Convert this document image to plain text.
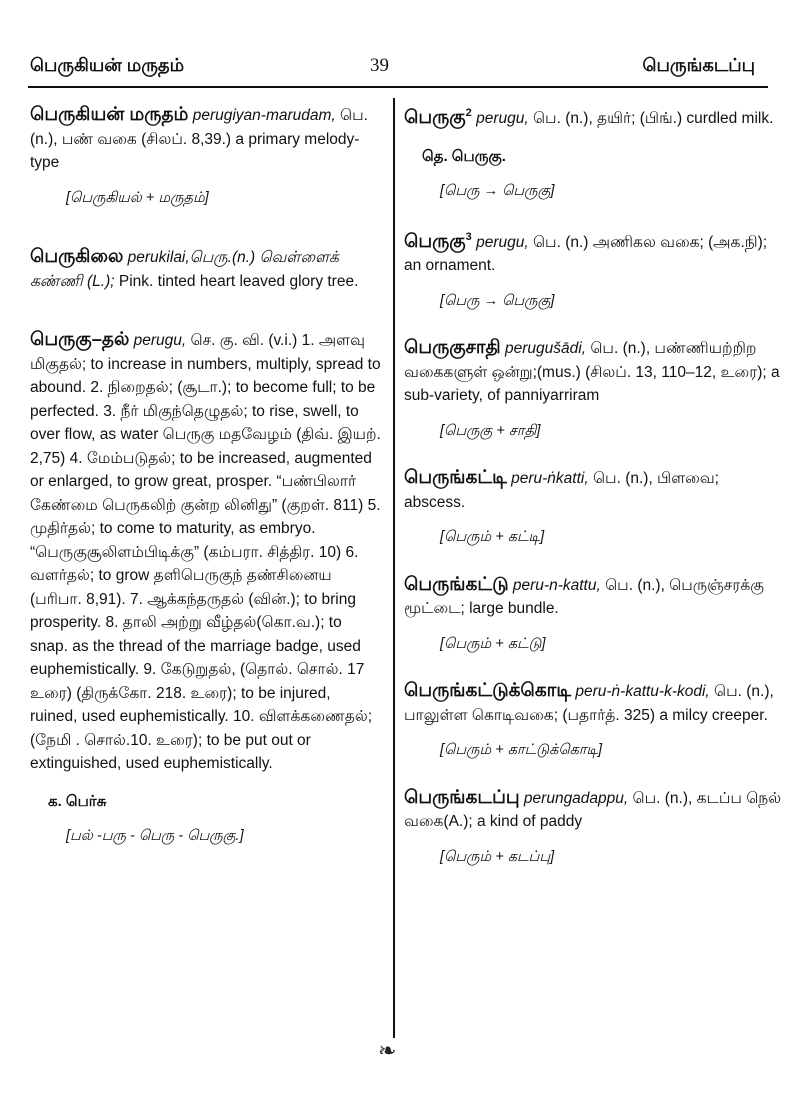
பெருகியன் மருதம்	39	பெருங்கடப்பு
பெருகியன் மருதம் perugiyan-marudam, பெ. (n.), பண் வகை (சிலப். 8,39.) a primary melody-type
[பெருகியல் + மருதம்]
பெருகிலை perukilai,பெரு.(n.) வெள்ளைக் கண்ணி (L.); Pink. tinted heart leaved glory tree.
பெருகு–தல் perugu, செ. கு. வி. (v.i.) 1. அளவு மிகுதல்; to increase in numbers, multiply, spread to abound. 2. நிறைதல்; (சூடா.); to become full; to be perfected. 3. நீர் மிகுந்தெழுதல்; to rise, swell, to over flow, as water பெருகு மதவேழம் (திவ். இயற். 2,75) 4. மேம்படுதல்; to be increased, augmented or enlarged, to grow great, prosper. “பண்பிலார் கேண்மை பெருகலிற் குன்ற லினிது” (குறள். 811) 5. முதிர்தல்; to come to maturity, as embryo. “பெருகுசூலிளம்பிடிக்கு” (கம்பரா. சித்திர. 10) 6. வளர்தல்; to grow தளிபெருகுந் தண்சினைய (பரிபா. 8,91). 7. ஆக்கந்தருதல் (வின்.); to bring prosperity. 8. தாலி அற்று வீழ்தல்(கொ.வ.); to snap. as the thread of the marriage badge, used euphemistically. 9. கேடுறுதல், (தொல். சொல். 17 உரை) (திருக்கோ. 218. உரை); to be injured, ruined, used euphemistically. 10. விளக்கணைதல்; (நேமி . சொல்.10. உரை); to be put out or extinguished, used euphemistically.
க. பெர்சு
[பல் -பரு - பெரு - பெருகு.]
பெருகு$^2$ perugu, பெ. (n.), தயிர்; (பிங்.) curdled milk.
தெ. பெருகு.
[பெரு → பெருகு]
பெருகு$^3$ perugu, பெ. (n.) அணிகல வகை; (அக.நி); an ornament.
[பெரு → பெருகு]
பெருகுசாதி perugušādi, பெ. (n.), பண்ணியற்றிற வகைகளுள் ஒன்று;(mus.) (சிலப். 13, 110–12, உரை); a sub-variety, of panniyarriram
[பெருகு + சாதி]
பெருங்கட்டி peru-ṅkatti, பெ. (n.), பிளவை; abscess.
[பெரும் + கட்டி]
பெருங்கட்டு peru-n-kattu, பெ. (n.), பெருஞ்சரக்கு மூட்டை; large bundle.
[பெரும் + கட்டு]
பெருங்கட்டுக்கொடி peru-ṅ-kattu-k-kodi, பெ. (n.), பாலுள்ள கொடிவகை; (பதார்த். 325) a milcy creeper.
[பெரும் + காட்டுக்கொடி]
பெருங்கடப்பு perungadappu, பெ. (n.), கடப்ப நெல் வகை(A.); a kind of paddy
[பெரும் + கடப்பு]
❧
